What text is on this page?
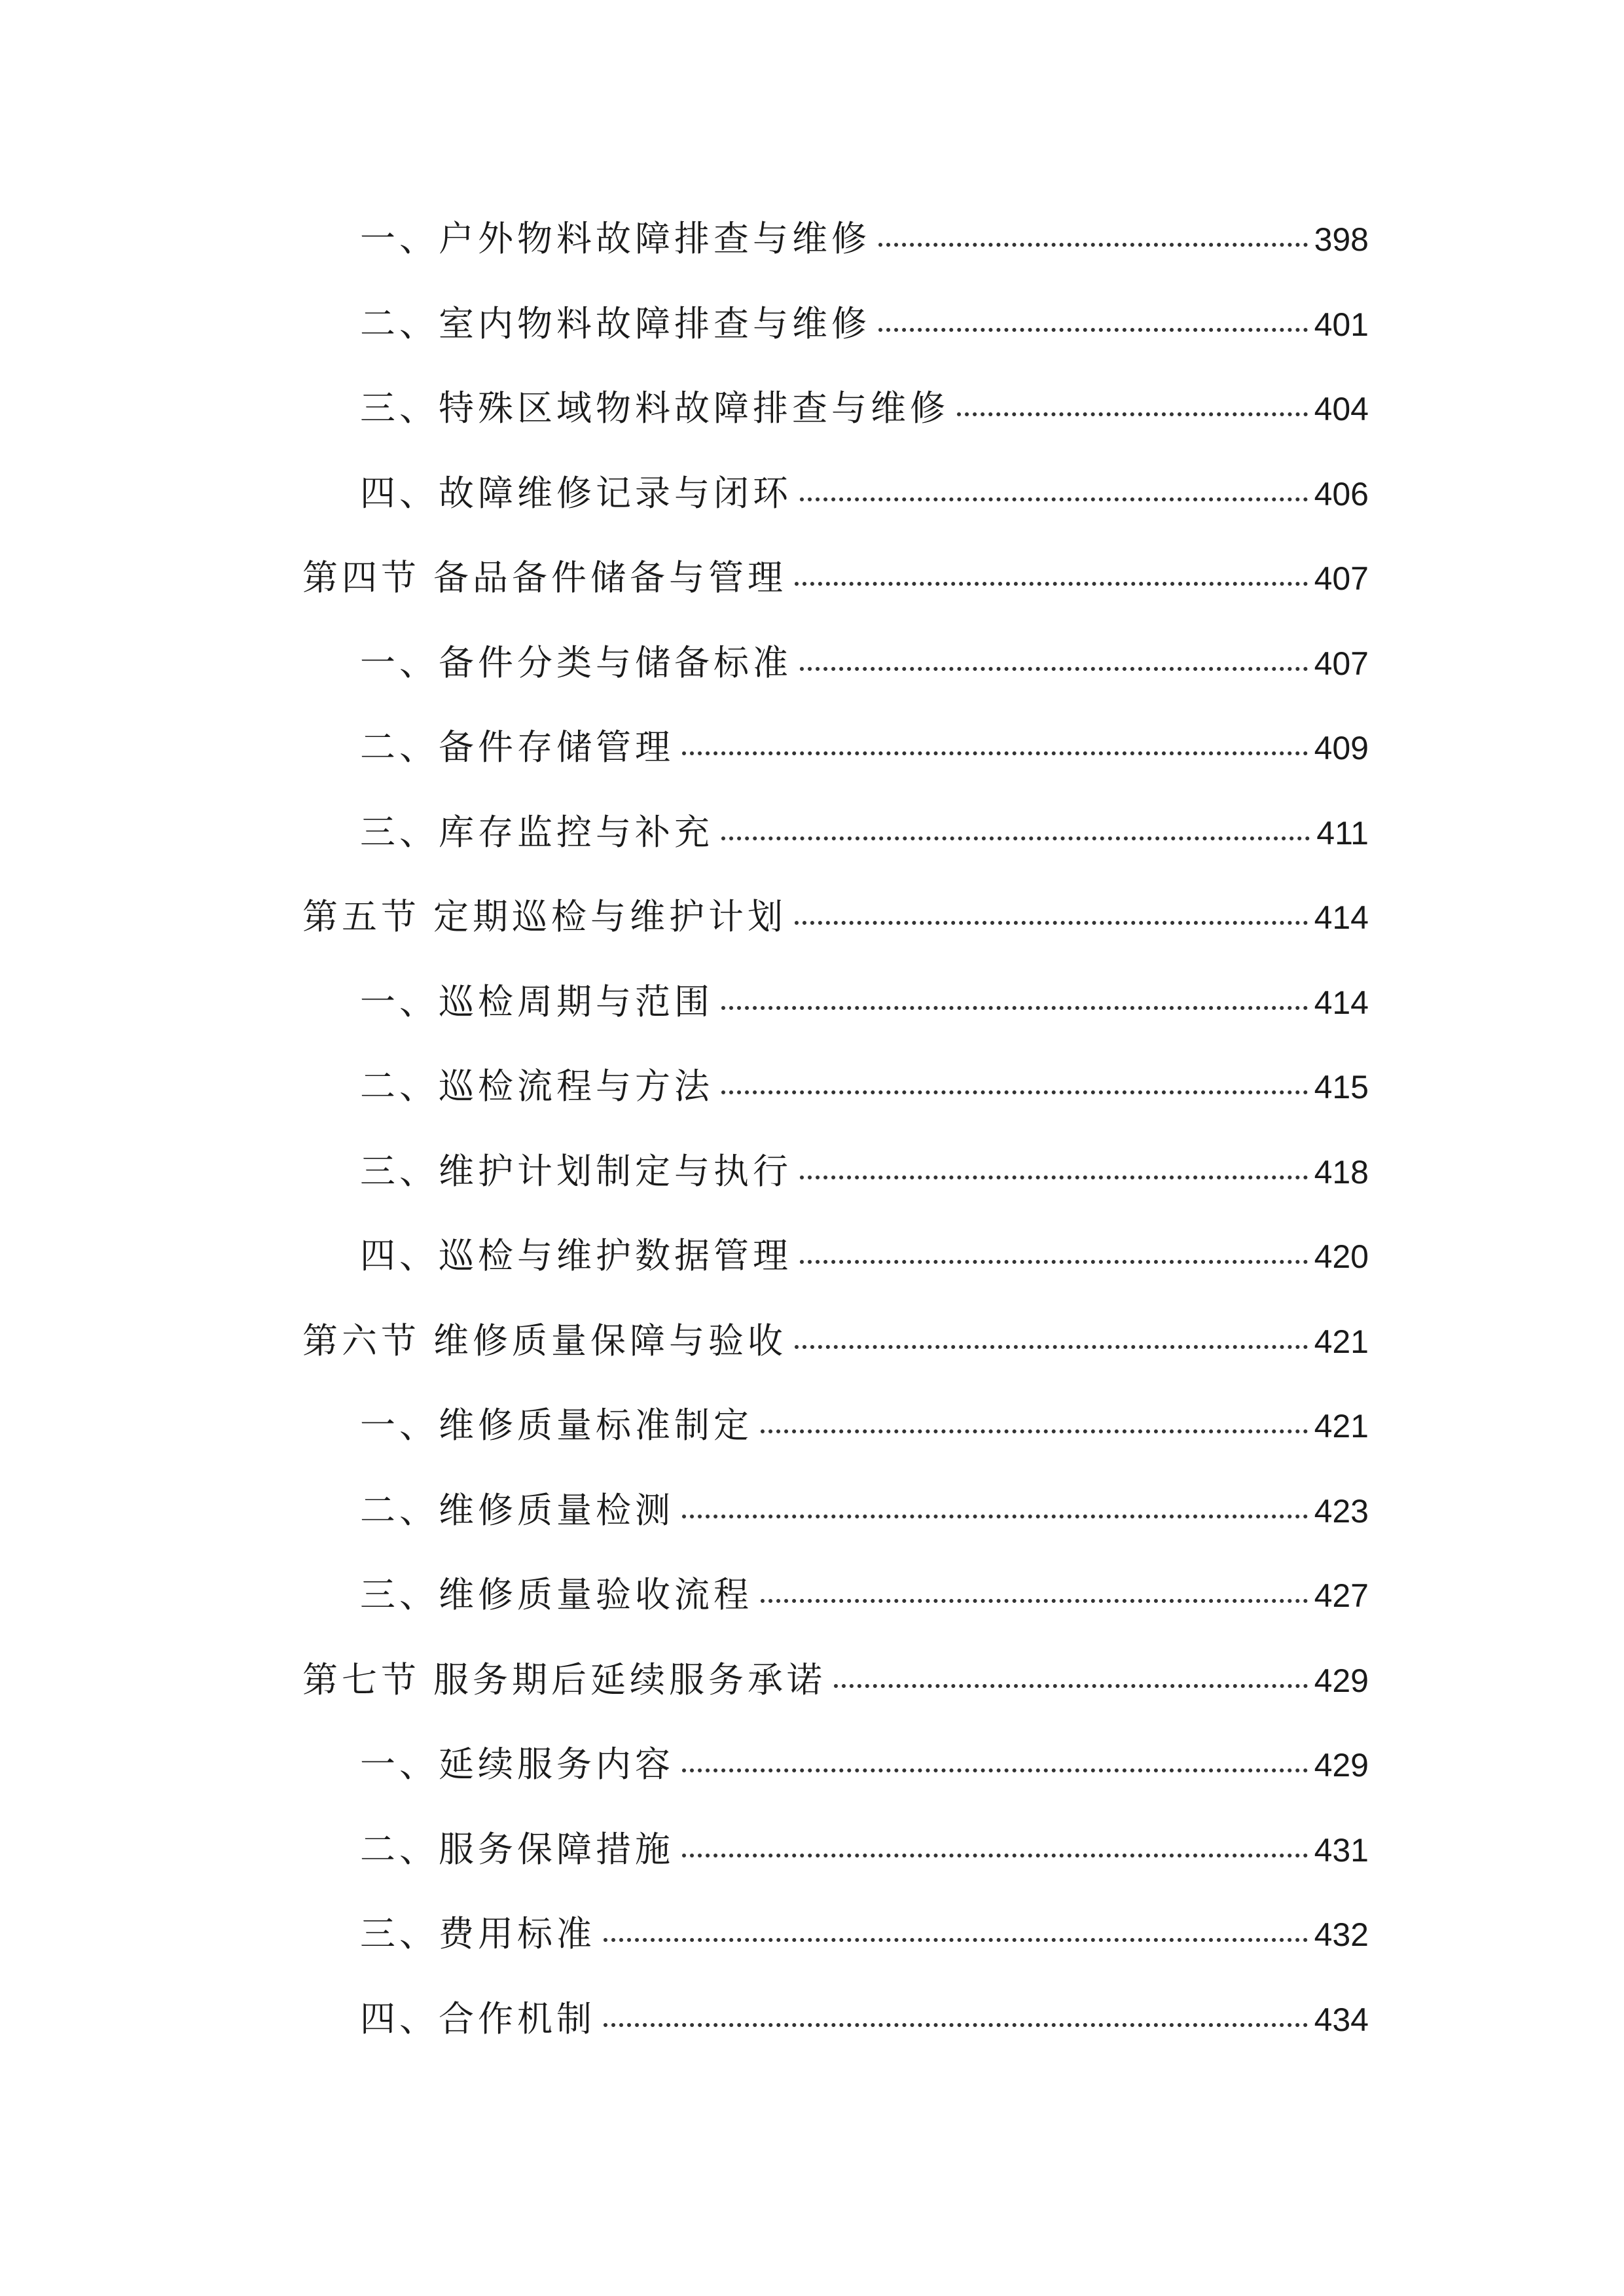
一、户外物料故障排查与维修	398
二、室内物料故障排查与维修	401
三、特殊区域物料故障排查与维修	404
四、故障维修记录与闭环	406
第四节 备品备件储备与管理	407
一、备件分类与储备标准	407
二、备件存储管理	409
三、库存监控与补充	411
第五节 定期巡检与维护计划	414
一、巡检周期与范围	414
二、巡检流程与方法	415
三、维护计划制定与执行	418
四、巡检与维护数据管理	420
第六节 维修质量保障与验收	421
一、维修质量标准制定	421
二、维修质量检测	423
三、维修质量验收流程	427
第七节 服务期后延续服务承诺	429
一、延续服务内容	429
二、服务保障措施	431
三、费用标准	432
四、合作机制	434
